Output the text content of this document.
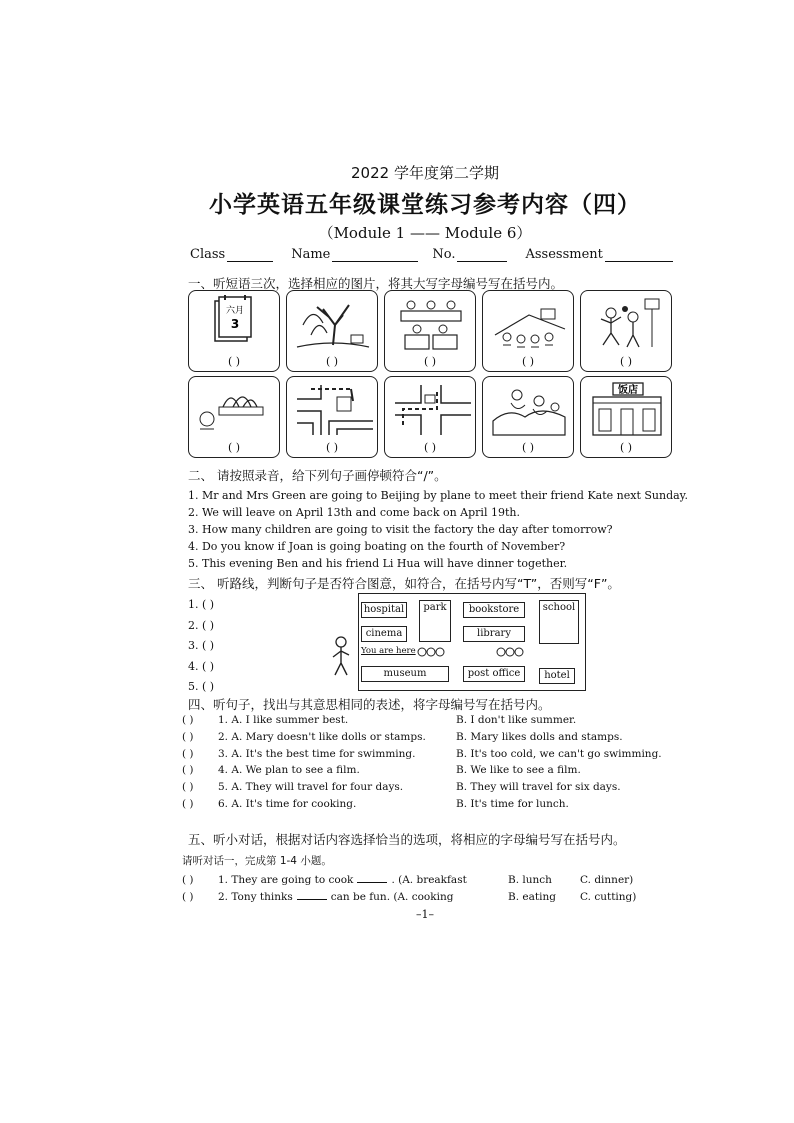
2022 学年度第二学期
小学英语五年级课堂练习参考内容（四）
（Module 1 —— Module 6）
Class	Name	No.	Assessment
一、听短语三次，选择相应的图片，将其大写字母编号写在括号内。
六月
3
( )	( )	( )	( )	( )
( )	( )	( )	( )
饭店
( )
二、 请按照录音，给下列句子画停顿符合“/”。
1. Mr and Mrs Green are going to Beijing by plane to meet their friend Kate next Sunday.
2. We will leave on April 13th and come back on April 19th.
3. How many children are going to visit the factory the day after tomorrow?
4. Do you know if Joan is going boating on the fourth of November?
5. This evening Ben and his friend Li Hua will have dinner together.
三、 听路线，判断句子是否符合图意，如符合，在括号内写“T”，否则写“F”。
1. ( )
2. ( )
3. ( )
4. ( )
5. ( )
hospital	park	bookstore	school
cinema	library
You are here
museum	post office	hotel
四、听句子，找出与其意思相同的表述，将字母编号写在括号内。
( )	1. A. I like summer best.	B. I don't like summer.
( )	2. A. Mary doesn't like dolls or stamps.	B. Mary likes dolls and stamps.
( )	3. A. It's the best time for swimming.	B. It's too cold, we can't go swimming.
( )	4. A. We plan to see a film.	B. We like to see a film.
( )	5. A. They will travel for four days.	B. They will travel for six days.
( )	6. A. It's time for cooking.	B. It's time for lunch.
五、听小对话，根据对话内容选择恰当的选项，将相应的字母编号写在括号内。
请听对话一，完成第 1-4 小题。
( )	1. They are going to cook	. (A. breakfast	B. lunch	C. dinner)
( )	2. Tony thinks	can be fun. (A. cooking	B. eating	C. cutting)
–1–
